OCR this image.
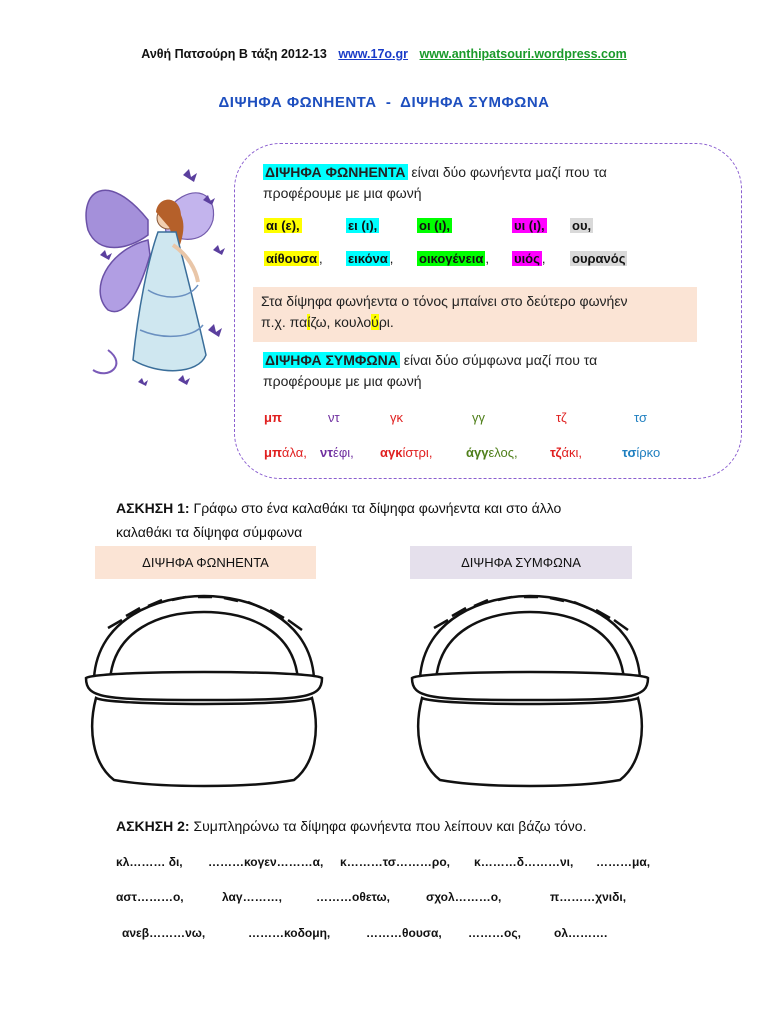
Ανθή Πατσούρη Β τάξη 2012-13 www.17o.gr www.anthipatsouri.wordpress.com
ΔΙΨΗΦΑ ΦΩΝΗΕΝΤΑ  -  ΔΙΨΗΦΑ ΣΥΜΦΩΝΑ
ΔΙΨΗΦΑ ΦΩΝΗΕΝΤΑ είναι δύο φωνήεντα μαζί που τα
προφέρουμε με μια φωνή
αι (ε),	ει (ι),	οι (ι),	υι (ι), ου,
αίθουσα , εικόνα , οικογένεια , υιός , ουρανός
Στα δίψηφα φωνήεντα ο τόνος μπαίνει στο δεύτερο φωνήεν
π.χ. παίζω, κουλούρι.
ΔΙΨΗΦΑ ΣΥΜΦΩΝΑ είναι δύο σύμφωνα μαζί που τα
προφέρουμε με μια φωνή
μπ	ντ	γκ	γγ	τζ	τσ
μπάλα, ντέφι, αγκίστρι,	άγγελος, τζάκι,	τσίρκο
ΑΣΚΗΣΗ 1: Γράφω στο ένα καλαθάκι τα δίψηφα φωνήεντα και στο άλλο
καλαθάκι τα δίψηφα σύμφωνα
ΔΙΨΗΦΑ ΦΩΝΗΕΝΤΑ	ΔΙΨΗΦΑ ΣΥΜΦΩΝΑ
ΑΣΚΗΣΗ 2: Συμπληρώνω τα δίψηφα φωνήεντα που λείπουν και βάζω τόνο.
κλ……… δι, ………κογεν………α, κ………τσ………ρο, κ………δ………νι, ………μα,
αστ………ο,	λαγ………,	………οθετω,	σχολ………ο,	π………χνιδι,
ανεβ………νω,	………κοδομη,	………θουσα, ………ος,	ολ……….
